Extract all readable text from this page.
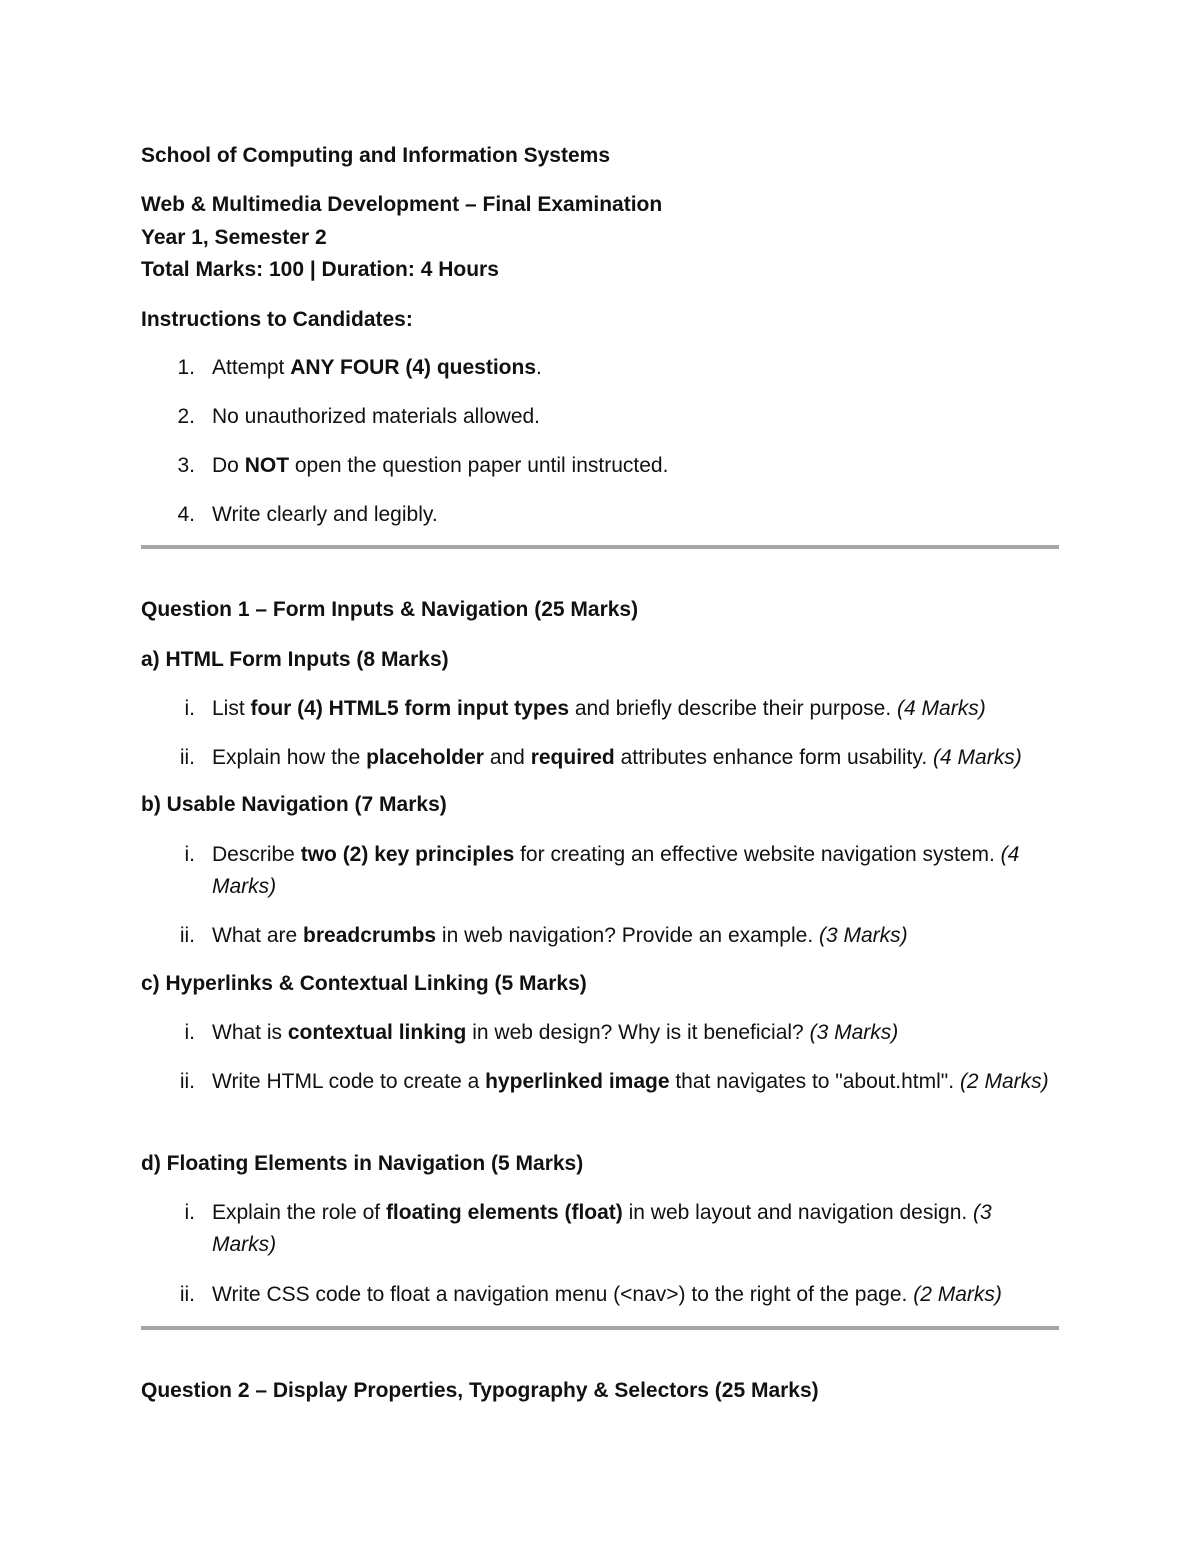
School of Computing and Information Systems
Web & Multimedia Development – Final Examination
Year 1, Semester 2
Total Marks: 100 | Duration: 4 Hours
Instructions to Candidates:
1. Attempt ANY FOUR (4) questions.
2. No unauthorized materials allowed.
3. Do NOT open the question paper until instructed.
4. Write clearly and legibly.
Question 1 – Form Inputs & Navigation (25 Marks)
a) HTML Form Inputs (8 Marks)
i. List four (4) HTML5 form input types and briefly describe their purpose. (4 Marks)
ii. Explain how the placeholder and required attributes enhance form usability. (4 Marks)
b) Usable Navigation (7 Marks)
i. Describe two (2) key principles for creating an effective website navigation system. (4 Marks)
ii. What are breadcrumbs in web navigation? Provide an example. (3 Marks)
c) Hyperlinks & Contextual Linking (5 Marks)
i. What is contextual linking in web design? Why is it beneficial? (3 Marks)
ii. Write HTML code to create a hyperlinked image that navigates to "about.html". (2 Marks)
d) Floating Elements in Navigation (5 Marks)
i. Explain the role of floating elements (float) in web layout and navigation design. (3 Marks)
ii. Write CSS code to float a navigation menu (<nav>) to the right of the page. (2 Marks)
Question 2 – Display Properties, Typography & Selectors (25 Marks)
